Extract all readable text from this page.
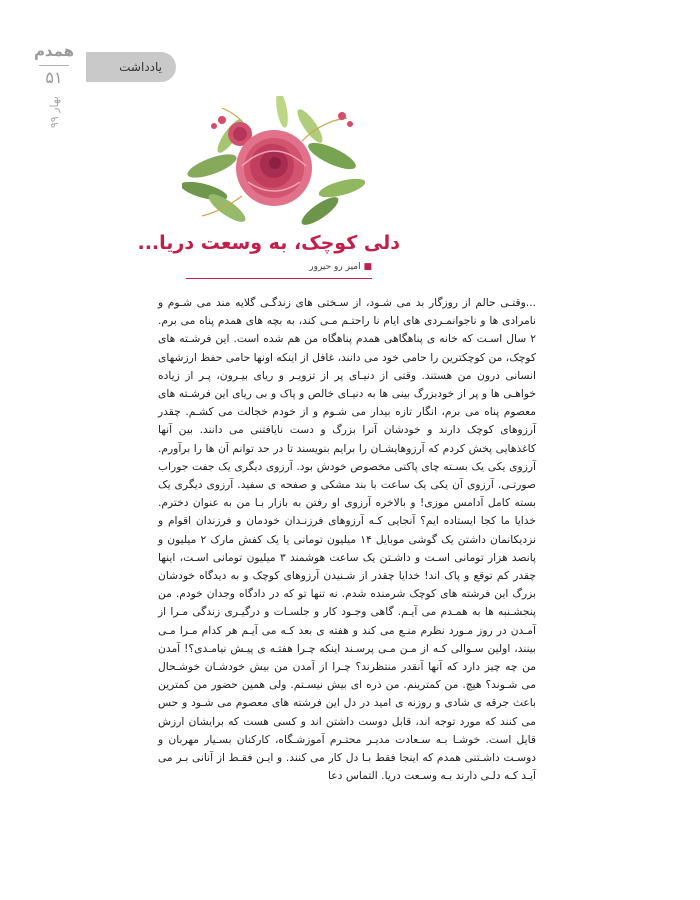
همدم
۵۱
بهار ۹۹
یادداشت
دلی کوچک، به وسعت دریا...
■ امیر رو حیرور

...وقتـی حالم از روزگار بد می شـود، از سـختی های زندگـی گلایه مند می شـوم و نامرادی ها و ناجوانمـردی های ایام نا راحتـم مـی کند، به بچه های همدم پناه می برم. ۲ سال اسـت که خانه ی پناهگاهی همدم پناهگاه من هم شده است. این فرشـته های کوچک، من کوچکترین را حامی خود می دانند، غافل از اینکه اونها حامی حفظ ارزشهای انسانی درون من هستند. وقتی از دنیـای پر از تزویـر و ریای بیـرون، پـر از زیاده خواهـی ها و پر از خودبزرگ بینی ها به دنیـای خالص و پاک و بی ریای این فرشـته های معصوم پناه می برم، انگار تازه بیدار می شـوم و از خودم خجالت می کشـم. چقدر آرزوهای کوچک دارند و خودشان آنرا بزرگ و دست نایافتنی می دانند. بین آنها کاغذهایی پخش کردم که آرزوهایشـان را برایم بنویسند تا در حد توانم آن ها را برآورم. آرزوی یکی یک بسـته چای پاکتی مخصوص خودش بود. آرزوی دیگری یک جفت جوراب صورتـی. آرزوی آن یکی یک ساعت با بند مشکی و صفحه ی سفید. آرزوی دیگری یک بسته کامل آدامس موزی! و بالاخره آرزوی او رفتن به بازار بـا من به عنوان دخترم. خدایا ما کجا ایستاده ایم؟ آنجایی کـه آرزوهای فرزنـدان خودمان و فرزندان اقوام و نزدیکانمان داشتن یک گوشی موبایل ۱۴ میلیون تومانی یا یک کفش مارک ۲ میلیون و پانصد هزار تومانی اسـت و داشـتن یک ساعت هوشمند ۳ میلیون تومانی اسـت، اینها چقدر کم توقع و پاک اند! خدایا چقدر از شـنیدن آرزوهای کوچک و به دیدگاه خودشان بزرگ این فرشته های کوچک شرمنده شدم. نه تنها تو که در دادگاه وجدان خودم. من پنجشـنبه ها به همـدم می آیـم. گاهی وجـود کار و جلسـات و درگیـری زندگی مـرا از آمـدن در روز مـورد نظرم منـع می کند و هفته ی بعد کـه می آیـم هر کدام مـرا مـی بینند، اولین سـوالی کـه از مـن مـی پرسـند اینکه چـرا هفتـه ی پیـش نیامـدی؟! آمدن من چه چیز دارد که آنها آنقدر منتظرند؟ چـرا از آمدن من بیش خودشـان خوشـحال می شـوند؟ هیچ. من کمترینم. من ذره ای بیش نیسـتم. ولی همین حضور من کمترین باعث جرقه ی شادی و روزنه ی امید در دل این فرشته های معصوم می شـود و حس می کنند که مورد توجه اند، قابل دوست داشتن اند و کسی هست که برایشان ارزش قایل است. خوشـا بـه سـعادت مدیـر محتـرم آموزشـگاه، کارکنان بسـیار مهربان و دوسـت داشـتنی همدم که اینجا فقط بـا دل کار می کنند. و ایـن فقـط از آنانی بـر می آیـد کـه دلـی دارند بـه وسـعت دریا. التماس دعا
